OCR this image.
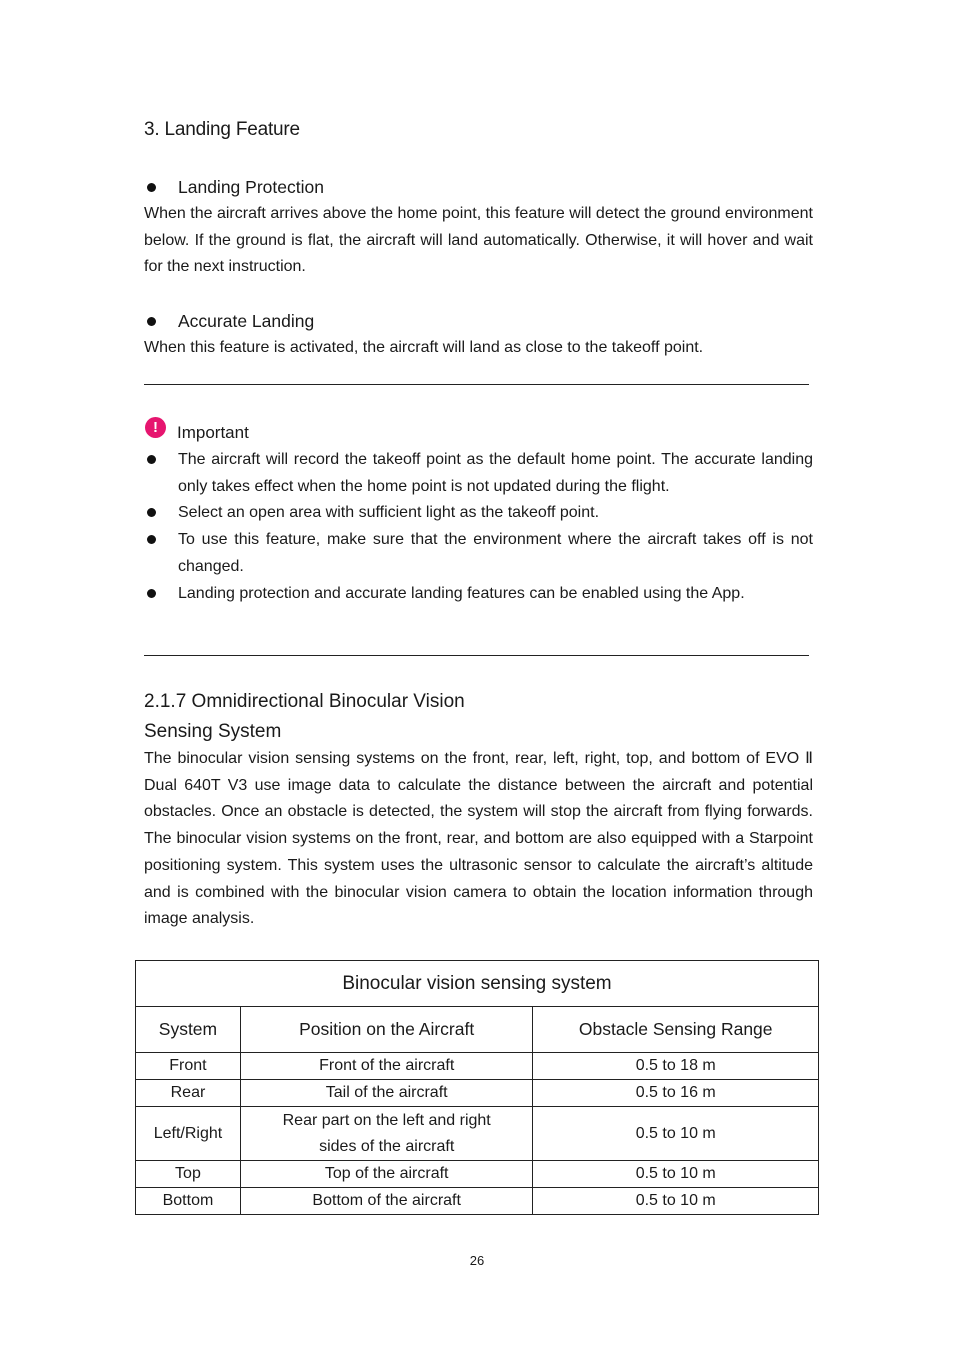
3. Landing Feature
Landing Protection
When the aircraft arrives above the home point, this feature will detect the ground environment below. If the ground is flat, the aircraft will land automatically. Otherwise, it will hover and wait for the next instruction.
Accurate Landing
When this feature is activated, the aircraft will land as close to the takeoff point.
!	Important
The aircraft will record the takeoff point as the default home point. The accurate landing only takes effect when the home point is not updated during the flight.
Select an open area with sufficient light as the takeoff point.
To use this feature, make sure that the environment where the aircraft takes off is not changed.
Landing protection and accurate landing features can be enabled using the App.
2.1.7 Omnidirectional Binocular Vision
Sensing System
The binocular vision sensing systems on the front, rear, left, right, top, and bottom of EVO Ⅱ Dual 640T V3 use image data to calculate the distance between the aircraft and potential obstacles. Once an obstacle is detected, the system will stop the aircraft from flying forwards. The binocular vision systems on the front, rear, and bottom are also equipped with a Starpoint positioning system. This system uses the ultrasonic sensor to calculate the aircraft’s altitude and is combined with the binocular vision camera to obtain the location information through image analysis.
Binocular vision sensing system		
System	Position on the Aircraft	Obstacle Sensing Range
Front	Front of the aircraft	0.5 to 18 m
Rear	Tail of the aircraft	0.5 to 16 m
Left/Right	Rear part on the left and right sides of the aircraft	0.5 to 10 m
Top	Top of the aircraft	0.5 to 10 m
Bottom	Bottom of the aircraft	0.5 to 10 m
26
